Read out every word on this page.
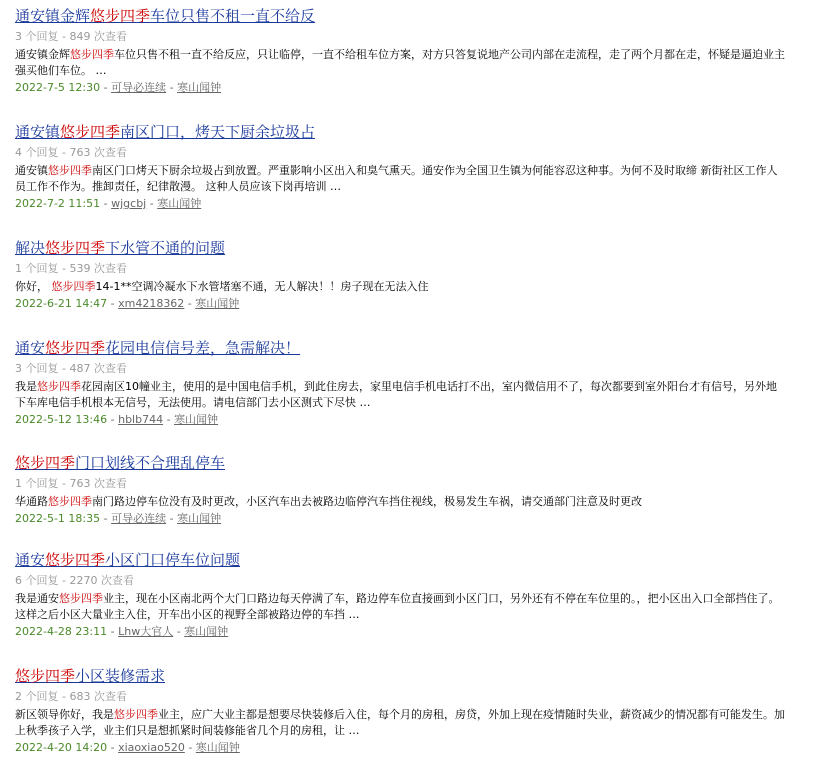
通安镇金辉悠步四季车位只售不租一直不给反
3 个回复 - 849 次查看
通安镇金辉悠步四季车位只售不租一直不给反应，只让临停，一直不给租车位方案，对方只答复说地产公司内部在走流程，走了两个月都在走，怀疑是逼迫业主强买他们车位。 …
2022-7-5 12:30 - 可导必连续 - 寒山闻钟
通安镇悠步四季南区门口，烤天下厨余垃圾占
4 个回复 - 763 次查看
通安镇悠步四季南区门口烤天下厨余垃圾占到放置。严重影响小区出入和臭气熏天。通安作为全国卫生镇为何能容忍这种事。为何不及时取缔 新街社区工作人员工作不作为。推卸责任，纪律散漫。 这种人员应该下岗再培训 …
2022-7-2 11:51 - wjgcbj - 寒山闻钟
解决悠步四季下水管不通的问题
1 个回复 - 539 次查看
你好， 悠步四季14-1**空调冷凝水下水管堵塞不通，无人解决！！房子现在无法入住
2022-6-21 14:47 - xm4218362 - 寒山闻钟
通安悠步四季花园电信信号差，急需解决！
3 个回复 - 487 次查看
我是悠步四季花园南区10幢业主，使用的是中国电信手机，到此住房去，家里电信手机电话打不出，室内微信用不了，每次都要到室外阳台才有信号，另外地下车库电信手机根本无信号，无法使用。请电信部门去小区测式下尽快 …
2022-5-12 13:46 - hblb744 - 寒山闻钟
悠步四季门口划线不合理乱停车
1 个回复 - 763 次查看
华通路悠步四季南门路边停车位没有及时更改，小区汽车出去被路边临停汽车挡住视线，极易发生车祸，请交通部门注意及时更改
2022-5-1 18:35 - 可导必连续 - 寒山闻钟
通安悠步四季小区门口停车位问题
6 个回复 - 2270 次查看
我是通安悠步四季业主，现在小区南北两个大门口路边每天停满了车，路边停车位直接画到小区门口，另外还有不停在车位里的。，把小区出入口全部挡住了。这样之后小区大量业主入住，开车出小区的视野全部被路边停的车挡 …
2022-4-28 23:11 - Lhw大官人 - 寒山闻钟
悠步四季小区装修需求
2 个回复 - 683 次查看
新区领导你好，我是悠步四季业主，应广大业主都是想要尽快装修后入住，每个月的房租，房贷，外加上现在疫情随时失业，薪资减少的情况都有可能发生。加上秋季孩子入学，业主们只是想抓紧时间装修能省几个月的房租，让 …
2022-4-20 14:20 - xiaoxiao520 - 寒山闻钟
